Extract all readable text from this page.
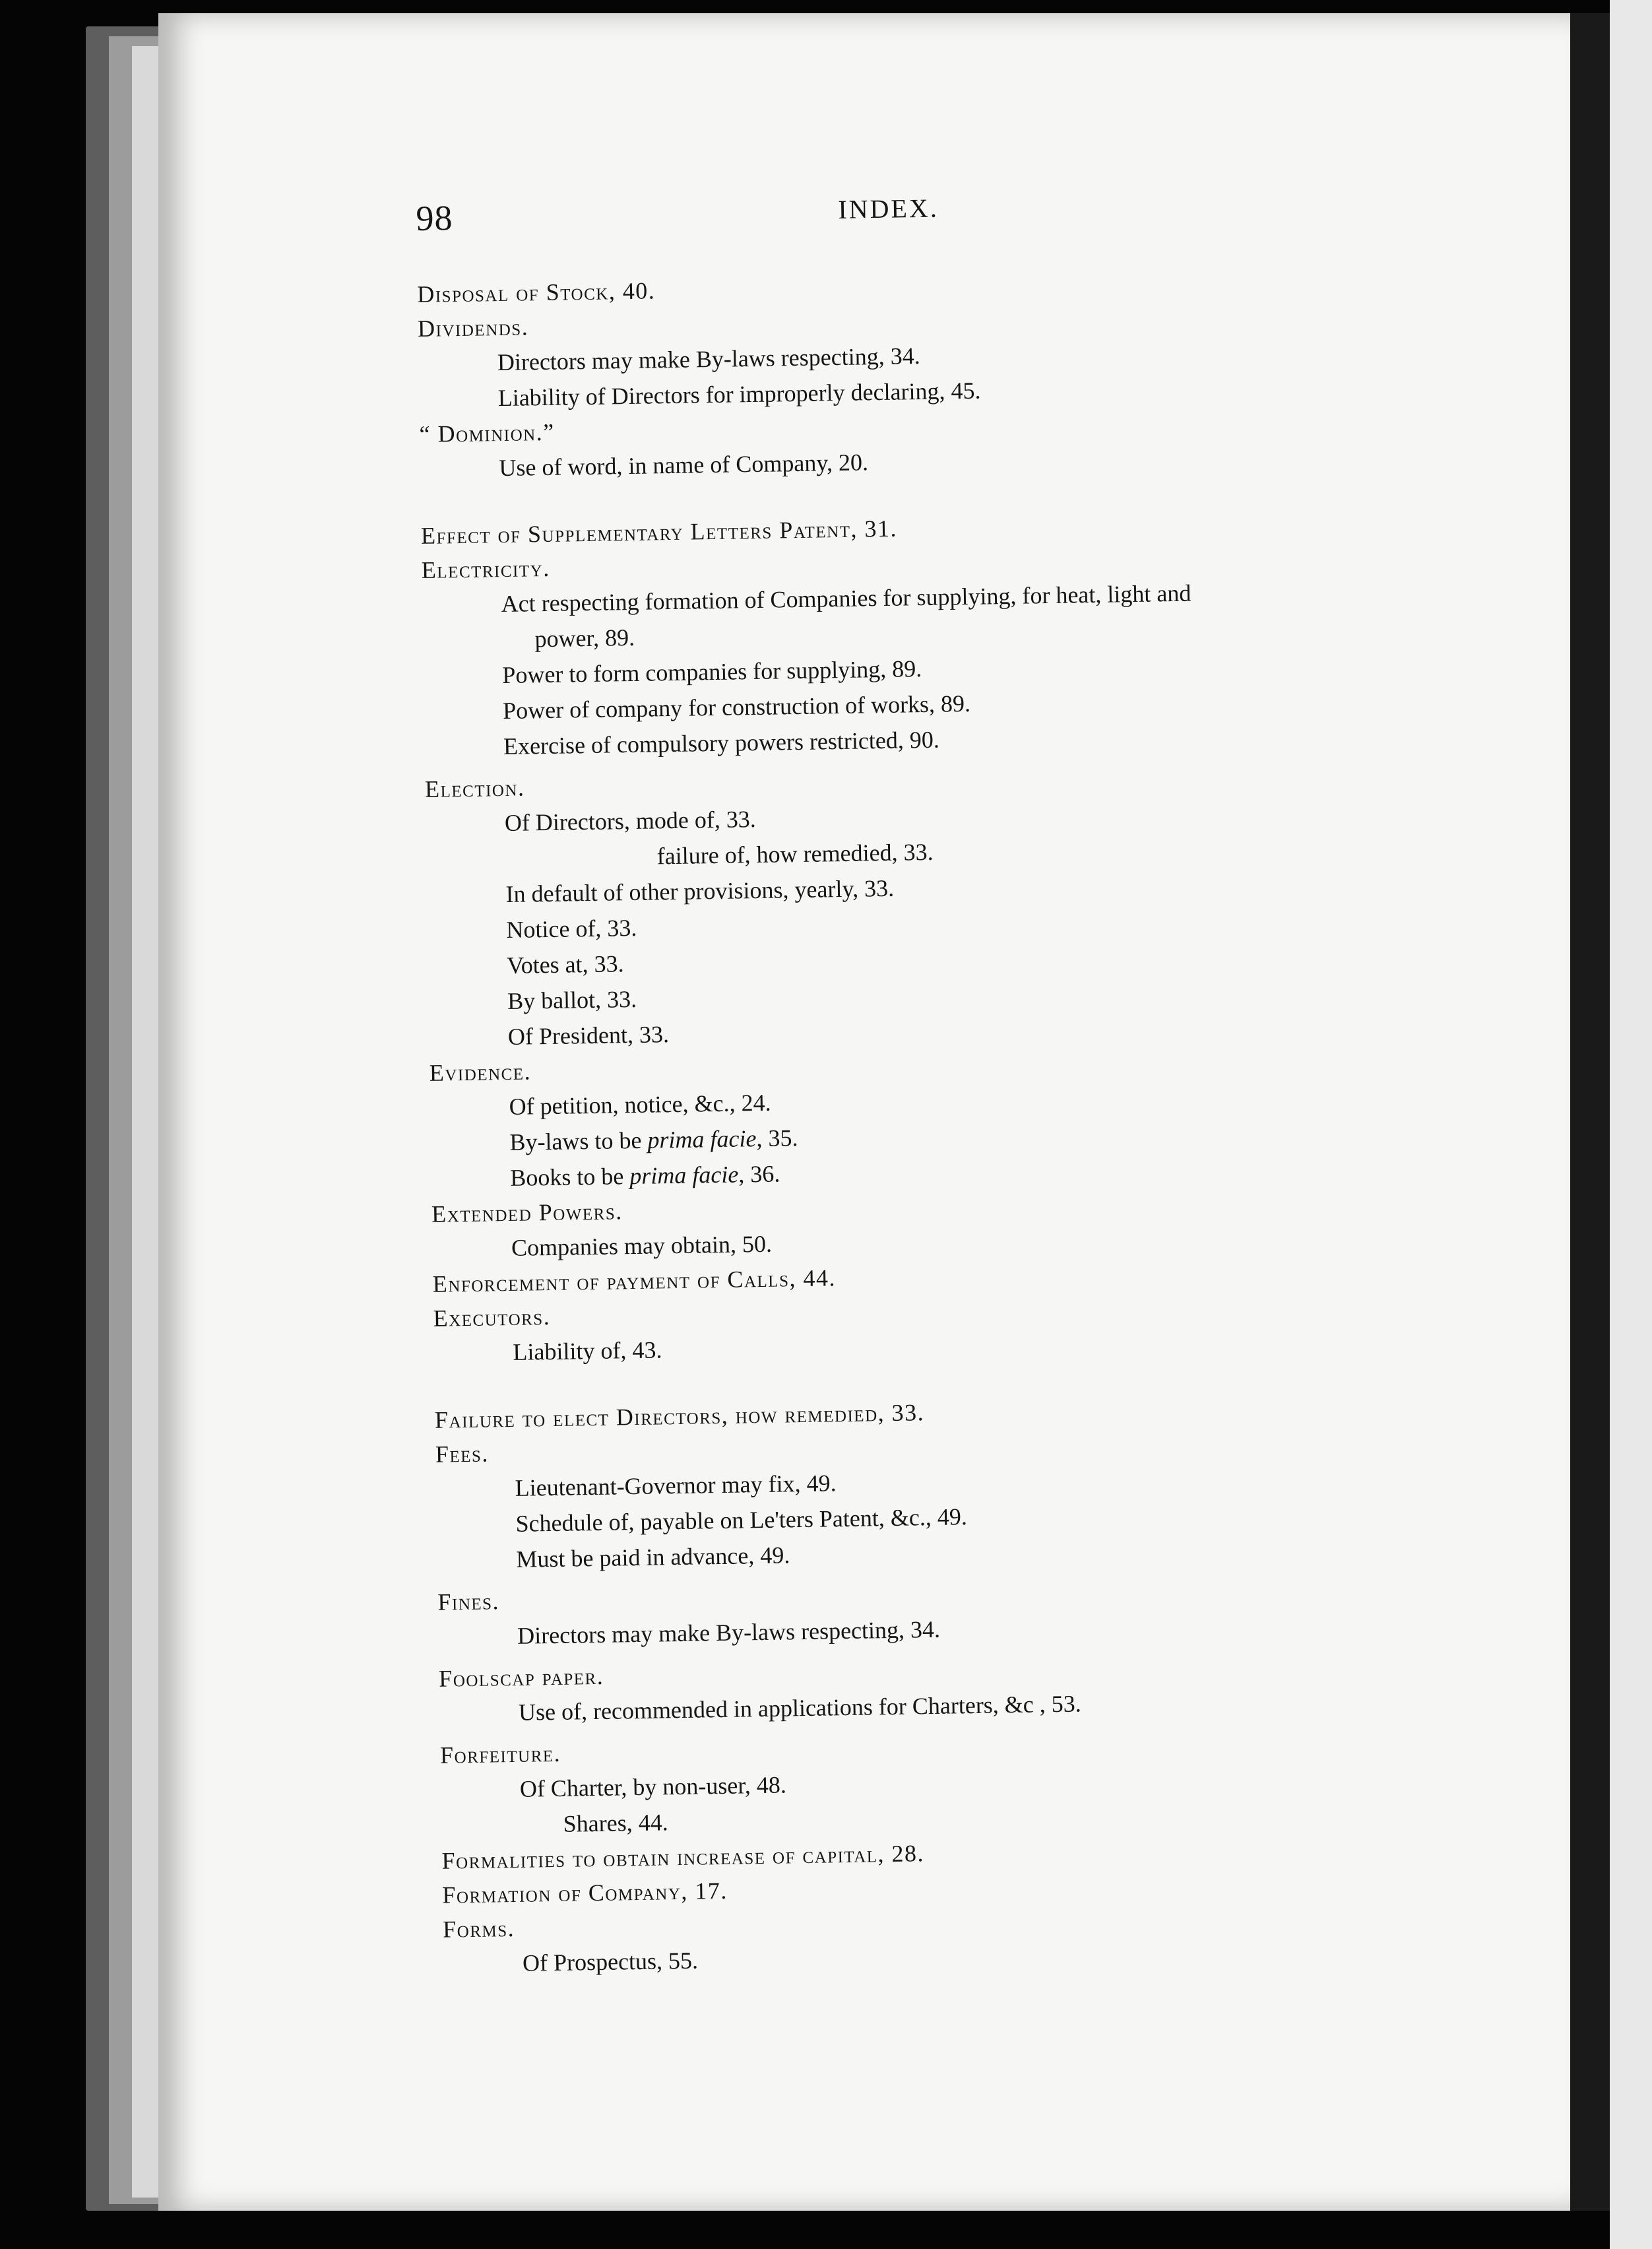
98	INDEX.
Disposal of Stock, 40.
Dividends.
Directors may make By-laws respecting, 34.
Liability of Directors for improperly declaring, 45.
“ Dominion.”
Use of word, in name of Company, 20.
Effect of Supplementary Letters Patent, 31.
Electricity.
Act respecting formation of Companies for supplying, for heat, light and
power, 89.
Power to form companies for supplying, 89.
Power of company for construction of works, 89.
Exercise of compulsory powers restricted, 90.
Election.
Of Directors, mode of, 33.
failure of, how remedied, 33.
In default of other provisions, yearly, 33.
Notice of, 33.
Votes at, 33.
By ballot, 33.
Of President, 33.
Evidence.
Of petition, notice, &c., 24.
By-laws to be prima facie, 35.
Books to be prima facie, 36.
Extended Powers.
Companies may obtain, 50.
Enforcement of payment of Calls, 44.
Executors.
Liability of, 43.
Failure to elect Directors, how remedied, 33.
Fees.
Lieutenant-Governor may fix, 49.
Schedule of, payable on Le'ters Patent, &c., 49.
Must be paid in advance, 49.
Fines.
Directors may make By-laws respecting, 34.
Foolscap paper.
Use of, recommended in applications for Charters, &c , 53.
Forfeiture.
Of Charter, by non-user, 48.
Shares, 44.
Formalities to obtain increase of capital, 28.
Formation of Company, 17.
Forms.
Of Prospectus, 55.
